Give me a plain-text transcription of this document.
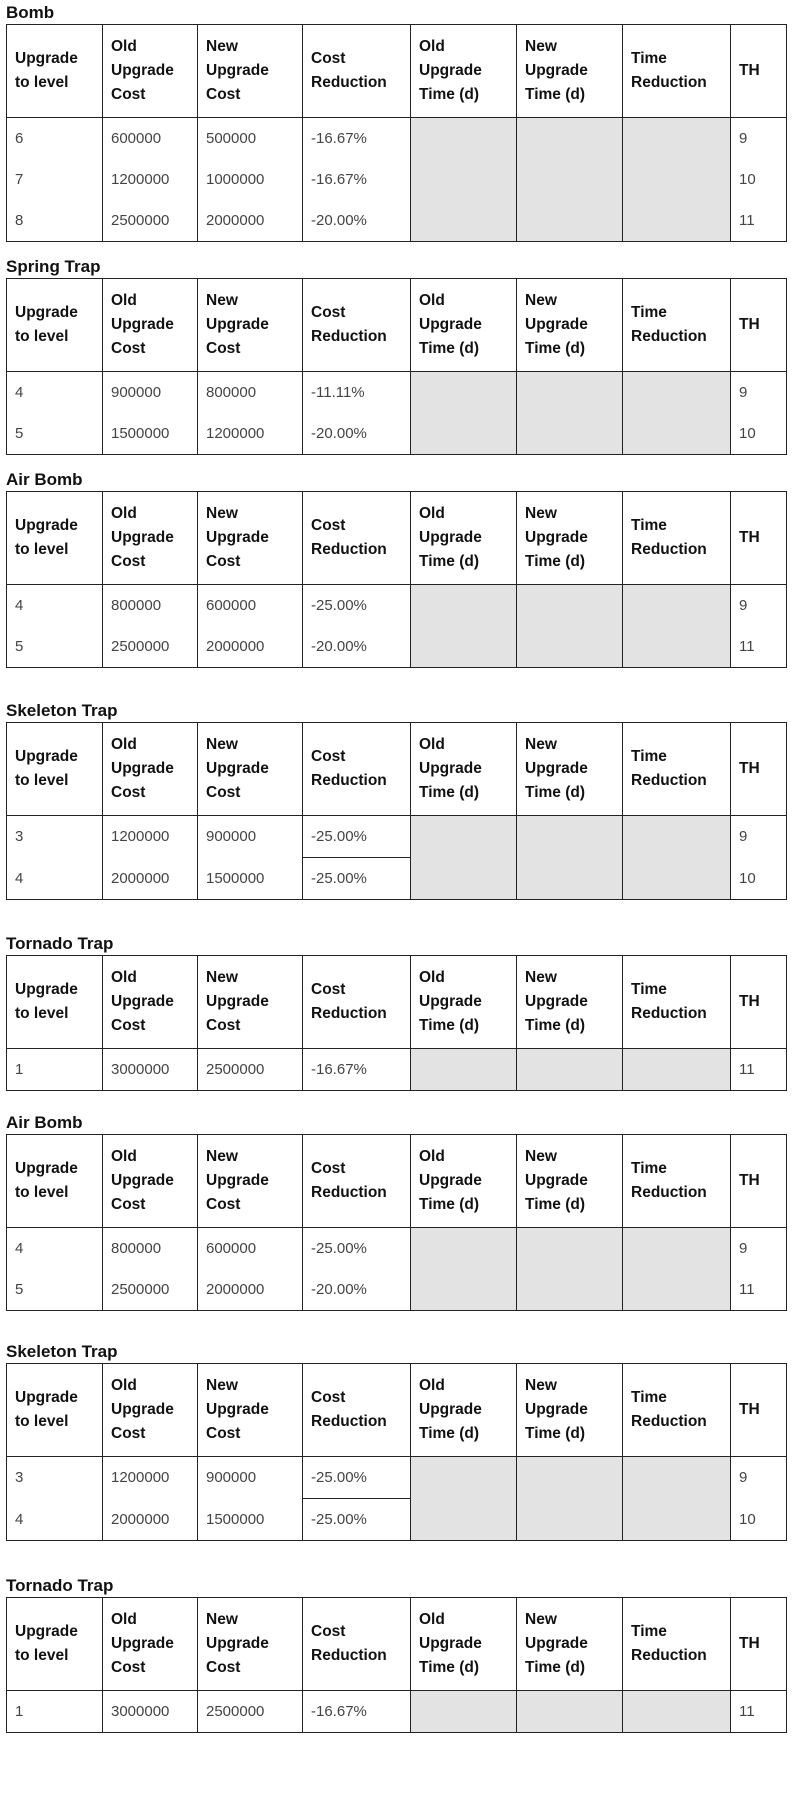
Bomb
Upgrade to level	Old Upgrade Cost	New Upgrade Cost	Cost Reduction	Old Upgrade Time (d)	New Upgrade Time (d)	Time Reduction	TH
6	600000	500000	-16.67%				9
7	1200000	1000000	-16.67%				10
8	2500000	2000000	-20.00%				11
Spring Trap
Upgrade to level	Old Upgrade Cost	New Upgrade Cost	Cost Reduction	Old Upgrade Time (d)	New Upgrade Time (d)	Time Reduction	TH
4	900000	800000	-11.11%				9
5	1500000	1200000	-20.00%				10
Air Bomb
Upgrade to level	Old Upgrade Cost	New Upgrade Cost	Cost Reduction	Old Upgrade Time (d)	New Upgrade Time (d)	Time Reduction	TH
4	800000	600000	-25.00%				9
5	2500000	2000000	-20.00%				11
Skeleton Trap
Upgrade to level	Old Upgrade Cost	New Upgrade Cost	Cost Reduction	Old Upgrade Time (d)	New Upgrade Time (d)	Time Reduction	TH
3	1200000	900000	-25.00%				9
4	2000000	1500000	-25.00%				10
Tornado Trap
Upgrade to level	Old Upgrade Cost	New Upgrade Cost	Cost Reduction	Old Upgrade Time (d)	New Upgrade Time (d)	Time Reduction	TH
1	3000000	2500000	-16.67%				11
Air Bomb
Upgrade to level	Old Upgrade Cost	New Upgrade Cost	Cost Reduction	Old Upgrade Time (d)	New Upgrade Time (d)	Time Reduction	TH
4	800000	600000	-25.00%				9
5	2500000	2000000	-20.00%				11
Skeleton Trap
Upgrade to level	Old Upgrade Cost	New Upgrade Cost	Cost Reduction	Old Upgrade Time (d)	New Upgrade Time (d)	Time Reduction	TH
3	1200000	900000	-25.00%				9
4	2000000	1500000	-25.00%				10
Tornado Trap
Upgrade to level	Old Upgrade Cost	New Upgrade Cost	Cost Reduction	Old Upgrade Time (d)	New Upgrade Time (d)	Time Reduction	TH
1	3000000	2500000	-16.67%				11
